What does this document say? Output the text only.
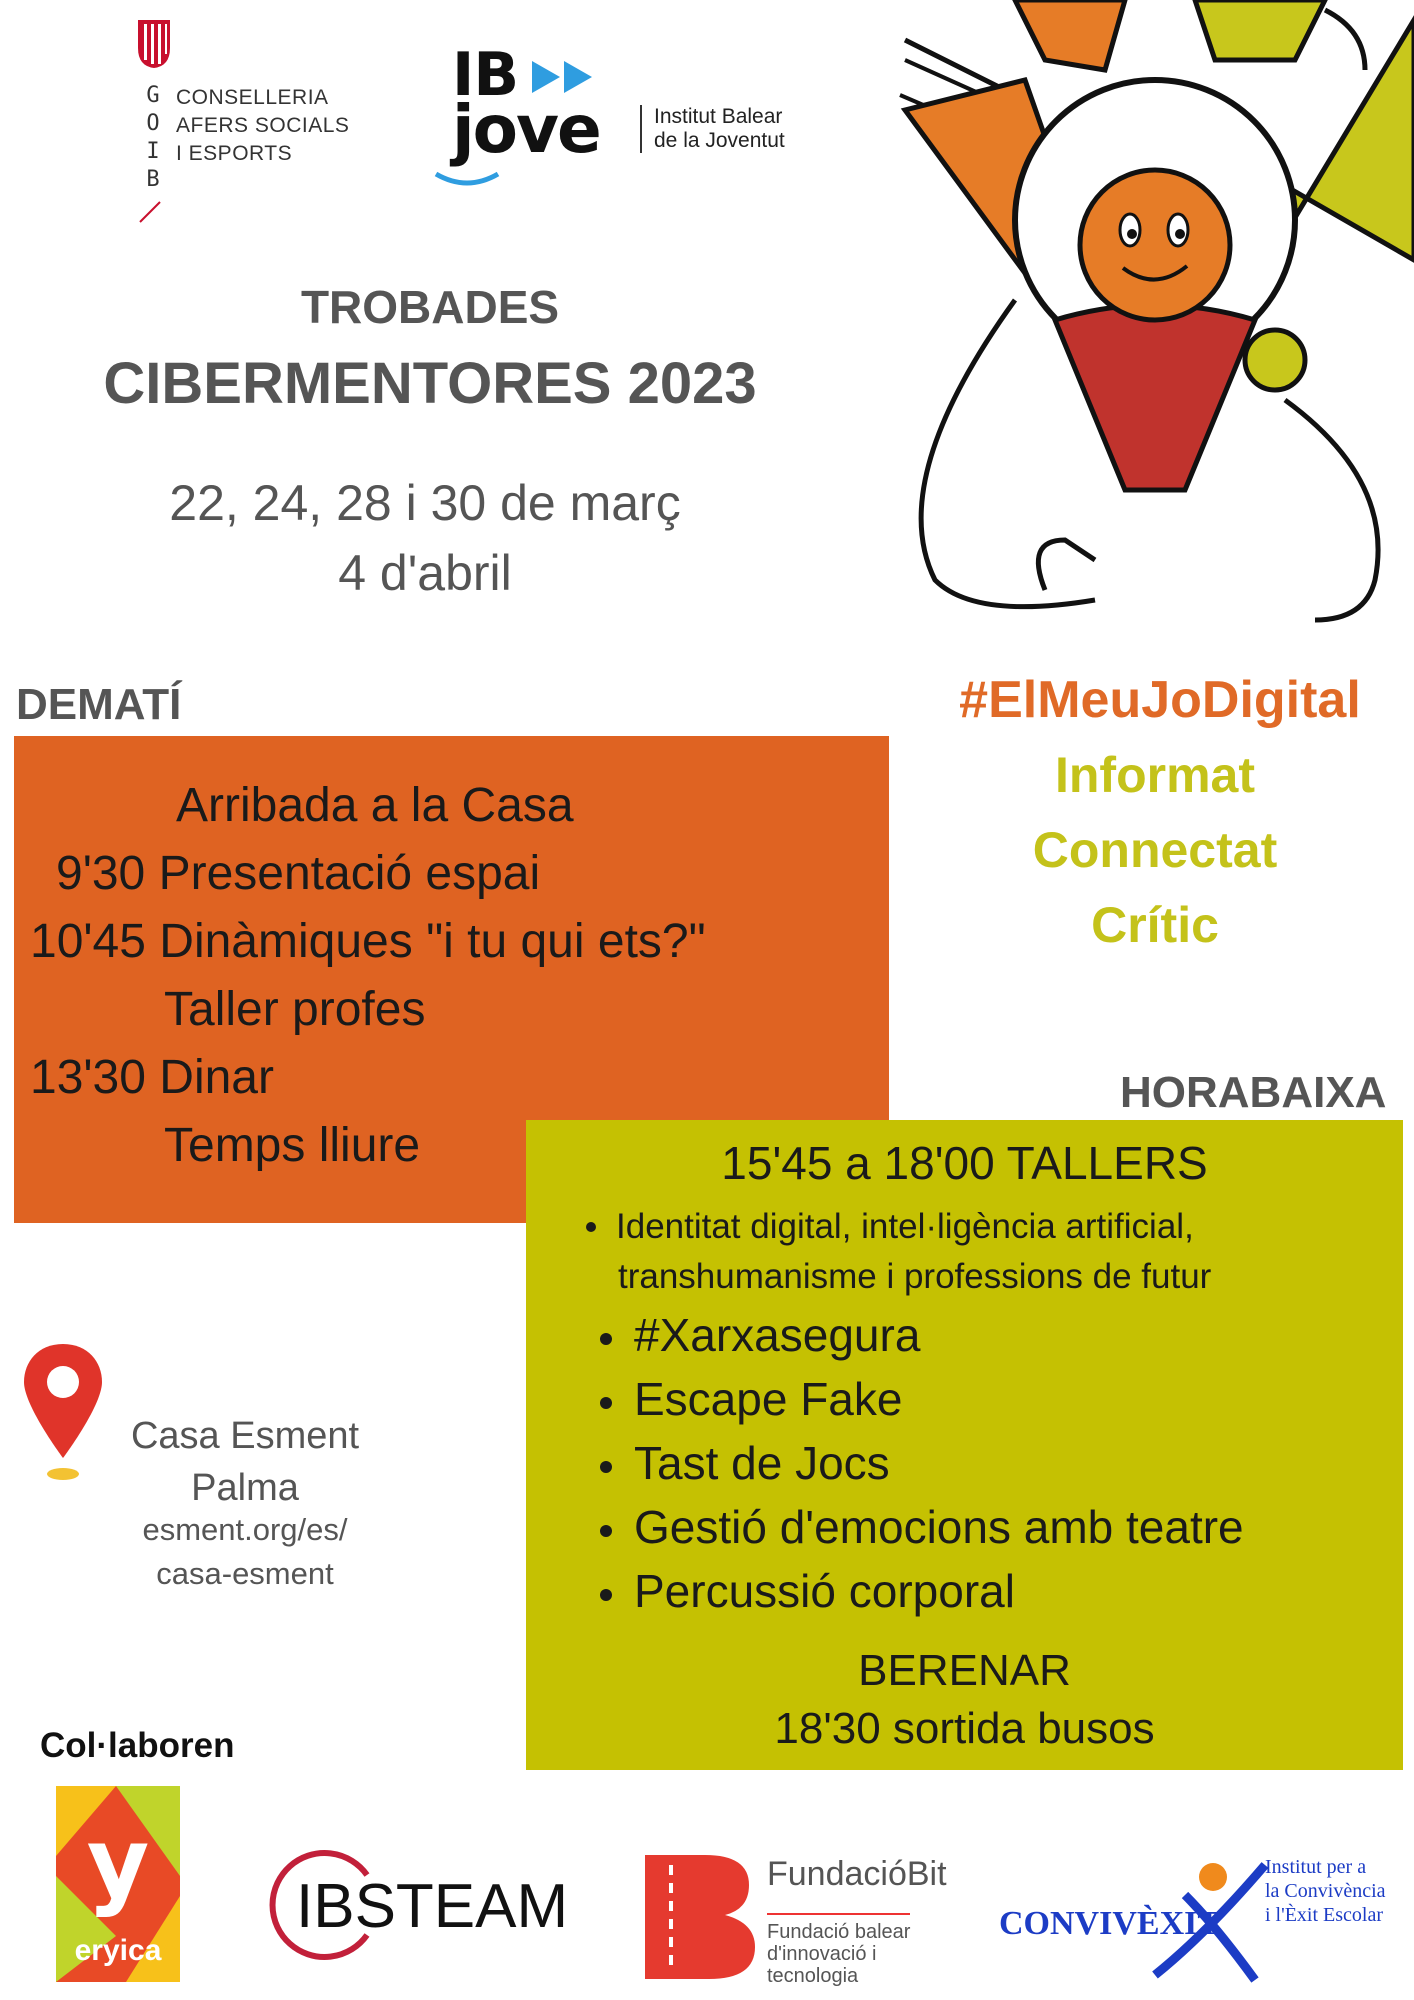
G
O
I
B
CONSELLERIA
AFERS SOCIALS
I ESPORTS
IB
jove	Institut Balear
de la Joventut
TROBADES
CIBERMENTORES 2023
22, 24, 28 i 30 de març
4 d'abril
#ElMeuJoDigital
Informat
Connectat
Crític
DEMATÍ
Arribada a la Casa
9'30 Presentació espai
10'45 Dinàmiques "i tu qui ets?"
Taller profes
13'30 Dinar
Temps lliure
HORABAIXA
15'45 a 18'00 TALLERS
Identitat digital, intel·ligència artificial,
transhumanisme i professions de futur
#Xarxasegura
Escape Fake
Tast de Jocs
Gestió d'emocions amb teatre
Percussió corporal
BERENAR
18'30 sortida busos
Casa Esment
Palma
esment.org/es/
casa-esment
Col·laboren
y
eryica
IBSTEAM	FundacióBit
Fundació balear
d'innovació i
tecnologia
CONVIVÈXIT
Institut per a
la Convivència
i l'Èxit Escolar
